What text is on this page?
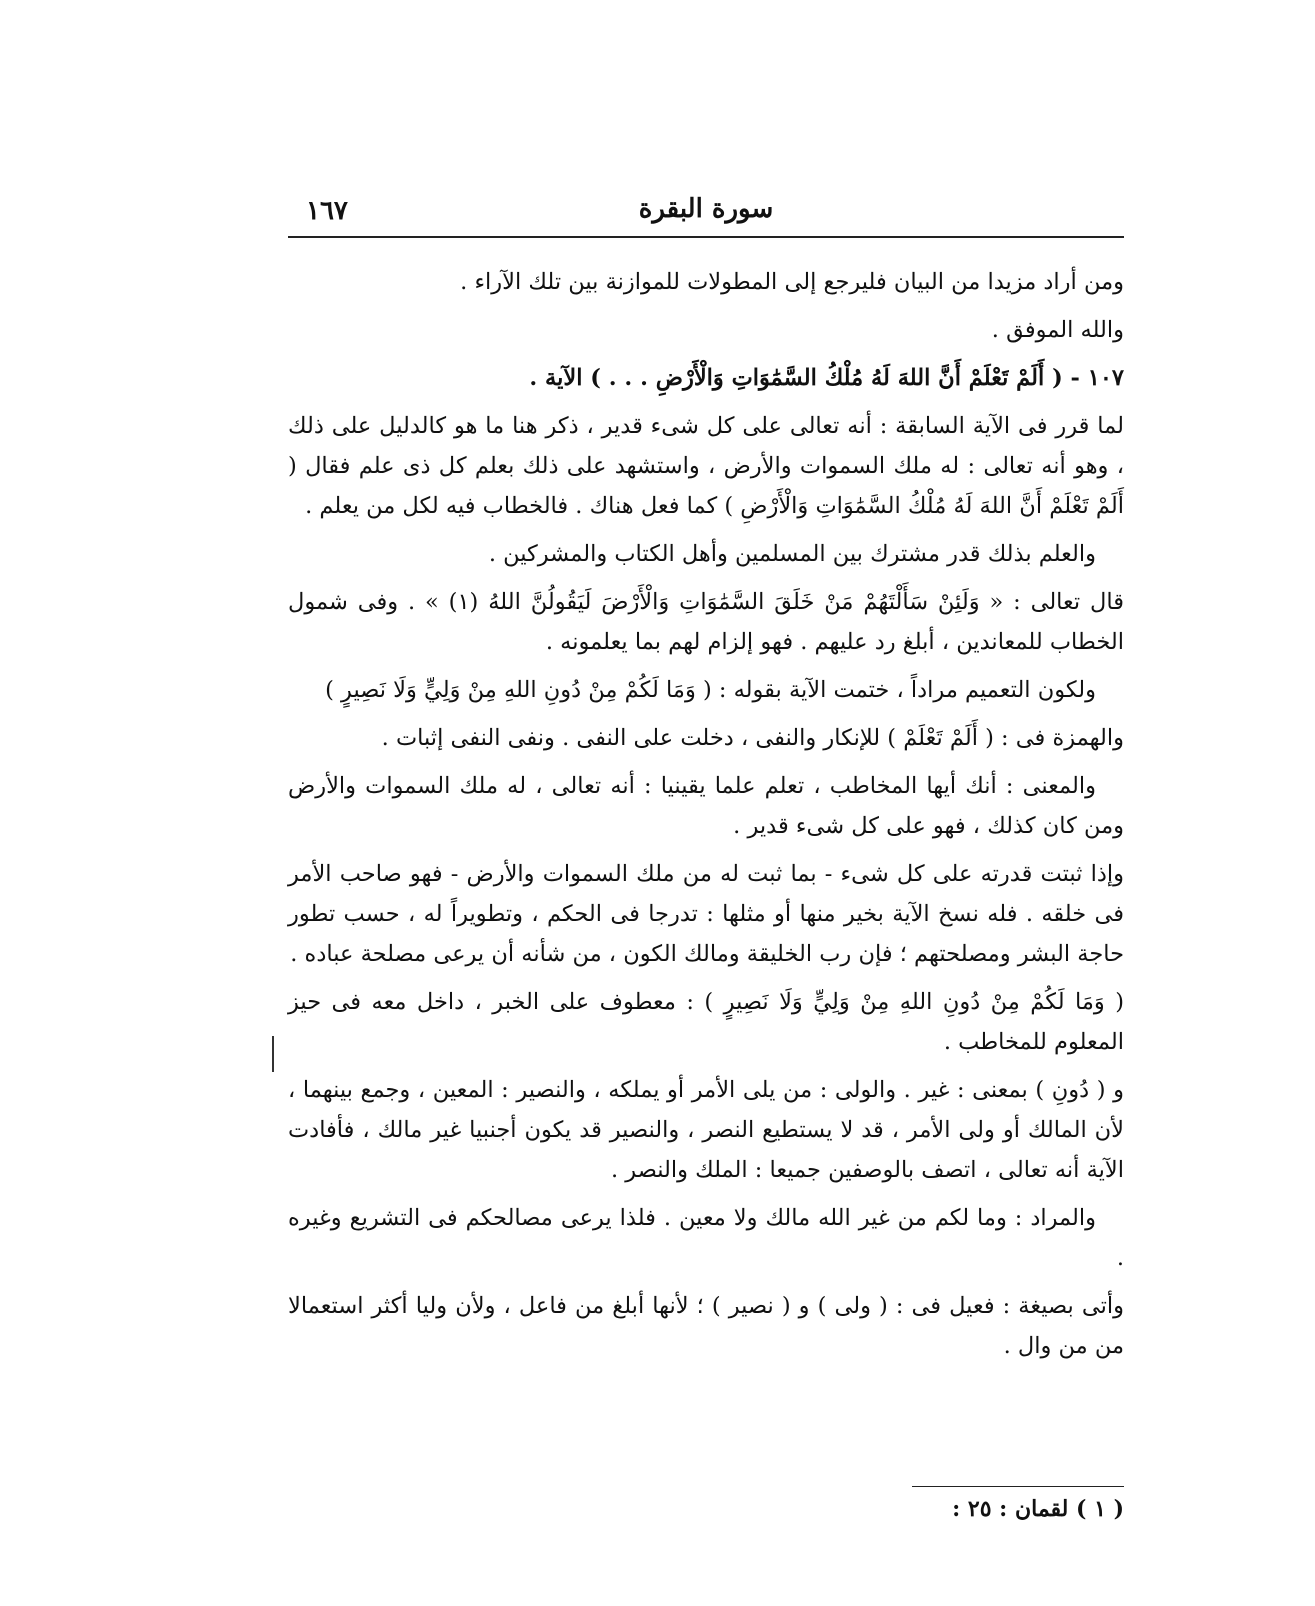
سورة البقرة
١٦٧

ومن أراد مزيدا من البيان فليرجع إلى المطولات للموازنة بين تلك الآراء .

والله الموفق .

١٠٧ - ( أَلَمْ تَعْلَمْ أَنَّ اللهَ لَهُ مُلْكُ السَّمَٰوَاتِ وَالْأَرْضِ . . . ) الآية .

لما قرر فى الآية السابقة : أنه تعالى على كل شىء قدير ، ذكر هنا ما هو كالدليل على ذلك ، وهو أنه تعالى : له ملك السموات والأرض ، واستشهد على ذلك بعلم كل ذى علم فقال ( أَلَمْ تَعْلَمْ أَنَّ اللهَ لَهُ مُلْكُ السَّمَٰوَاتِ وَالْأَرْضِ ) كما فعل هناك . فالخطاب فيه لكل من يعلم .

والعلم بذلك قدر مشترك بين المسلمين وأهل الكتاب والمشركين .

قال تعالى : « وَلَئِنْ سَأَلْتَهُمْ مَنْ خَلَقَ السَّمَٰوَاتِ وَالْأَرْضَ لَيَقُولُنَّ اللهُ (١) » . وفى شمول الخطاب للمعاندين ، أبلغ رد عليهم . فهو إلزام لهم بما يعلمونه .

ولكون التعميم مراداً ، ختمت الآية بقوله : ( وَمَا لَكُمْ مِنْ دُونِ اللهِ مِنْ وَلِيٍّ وَلَا نَصِيرٍ )

والهمزة فى : ( أَلَمْ تَعْلَمْ ) للإنكار والنفى ، دخلت على النفى . ونفى النفى إثبات .

والمعنى : أنك أيها المخاطب ، تعلم علما يقينيا : أنه تعالى ، له ملك السموات والأرض ومن كان كذلك ، فهو على كل شىء قدير .

وإذا ثبتت قدرته على كل شىء - بما ثبت له من ملك السموات والأرض - فهو صاحب الأمر فى خلقه . فله نسخ الآية بخير منها أو مثلها : تدرجا فى الحكم ، وتطويراً له ، حسب تطور حاجة البشر ومصلحتهم ؛ فإن رب الخليقة ومالك الكون ، من شأنه أن يرعى مصلحة عباده .

( وَمَا لَكُمْ مِنْ دُونِ اللهِ مِنْ وَلِيٍّ وَلَا نَصِيرٍ ) : معطوف على الخبر ، داخل معه فى حيز المعلوم للمخاطب .

و ( دُونِ ) بمعنى : غير . والولى : من يلى الأمر أو يملكه ، والنصير : المعين ، وجمع بينهما ، لأن المالك أو ولى الأمر ، قد لا يستطيع النصر ، والنصير قد يكون أجنبيا غير مالك ، فأفادت الآية أنه تعالى ، اتصف بالوصفين جميعا : الملك والنصر .

والمراد : وما لكم من غير الله مالك ولا معين . فلذا يرعى مصالحكم فى التشريع وغيره .

وأتى بصيغة : فعيل فى : ( ولى ) و ( نصير ) ؛ لأنها أبلغ من فاعل ، ولأن وليا أكثر استعمالا من من وال .

( ١ ) لقمان : ٢٥ :
